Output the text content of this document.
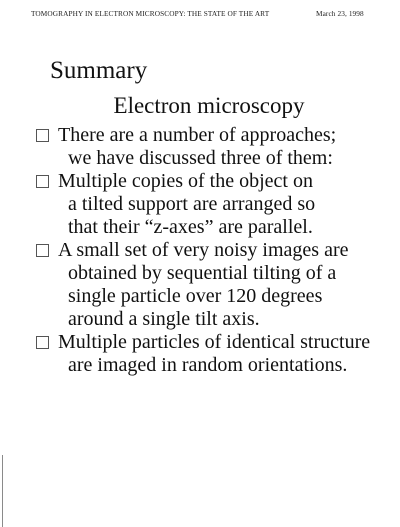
TOMOGRAPHY IN ELECTRON MICROSCOPY: THE STATE OF THE ART	March 23, 1998
Summary
Electron microscopy
There are a number of approaches;
we have discussed three of them:
Multiple copies of the object on
a tilted support are arranged so
that their “z-axes” are parallel.
A small set of very noisy images are
obtained by sequential tilting of a
single particle over 120 degrees
around a single tilt axis.
Multiple particles of identical structure
are imaged in random orientations.
